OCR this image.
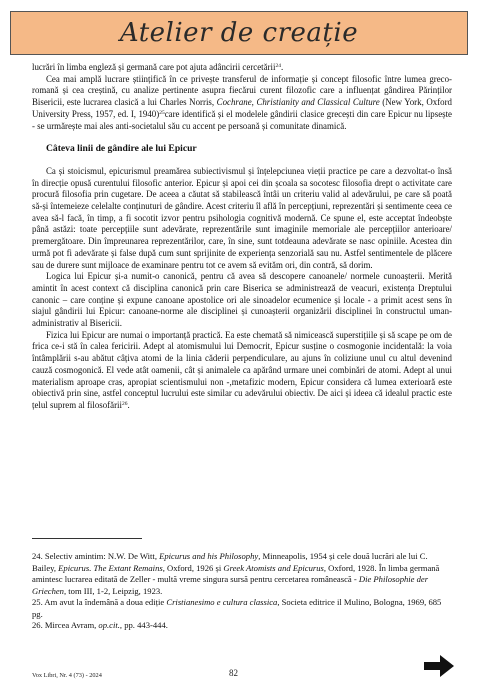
Atelier de creație

lucrări în limba engleză și germană care pot ajuta adâncirii cercetării$^{24}$.

Cea mai amplă lucrare științifică în ce privește transferul de informație și concept filosofic între lumea greco-romană și cea creștină, cu analize pertinente asupra fiecărui curent filozofic care a influențat gândirea Părinților Bisericii, este lucrarea clasică a lui Charles Norris, Cochrane, Christianity and Classical Culture (New York, Oxford University Press, 1957, ed. I, 1940)$^{25}$care identifică și el modelele gândirii clasice grecești din care Epicur nu lipsește - se urmărește mai ales anti-societalul său cu accent pe persoană și comunitate dinamică.

Câteva linii de gândire ale lui Epicur

Ca și stoicismul, epicurismul preamărea subiectivismul și înțelepciunea vieții practice pe care a dezvoltat-o însă în direcție opusă curentului filosofic anterior. Epicur și apoi cei din școala sa socotesc filosofia drept o activitate care procură filosofia prin cugetare. De aceea a căutat să stabilească întâi un criteriu valid al adevărului, pe care să poată să-și întemeieze celelalte conținuturi de gândire. Acest criteriu îl află în percepțiuni, reprezentări și sentimente ceea ce avea să-l facă, în timp, a fi socotit izvor pentru psihologia cognitivă modernă. Ce spune el, este acceptat îndeobște până astăzi: toate percepțiile sunt adevărate, reprezentările sunt imaginile memoriale ale percepțiilor anterioare/ premergătoare. Din împreunarea reprezentărilor, care, în sine, sunt totdeauna adevărate se nasc opiniile. Acestea din urmă pot fi adevărate și false după cum sunt sprijinite de experiența senzorială sau nu. Astfel sentimentele de plăcere sau de durere sunt mijloace de examinare pentru tot ce avem să evităm ori, din contră, să dorim.

Logica lui Epicur și-a numit-o canonică, pentru că avea să descopere canoanele/ normele cunoașterii. Merită amintit în acest context că disciplina canonică prin care Biserica se administrează de veacuri, existența Dreptului canonic – care conține și expune canoane apostolice ori ale sinoadelor ecumenice și locale - a primit acest sens în siajul gândirii lui Epicur: canoane-norme ale disciplinei și cunoașterii organizării disciplinei în constructul uman-administrativ al Bisericii.

Fizica lui Epicur are numai o importanță practică. Ea este chemată să nimicească superstițiile și să scape pe om de frica ce-i stă în calea fericirii. Adept al atomismului lui Democrit, Epicur susține o cosmogonie incidentală: la voia întâmplării s-au abătut câțiva atomi de la linia căderii perpendiculare, au ajuns în coliziune unul cu altul devenind cauză cosmogonică. El vede atât oamenii, cât și animalele ca apărând urmare unei combinări de atomi. Adept al unui materialism aproape cras, apropiat scientismului non -,metafizic modern, Epicur considera că lumea exterioară este obiectivă prin sine, astfel conceptul lucrului este similar cu adevărului obiectiv. De aici și ideea că idealul practic este țelul suprem al filosofării$^{26}$.

24. Selectiv amintim: N.W. De Witt, Epicurus and his Philosophy, Minneapolis, 1954 și cele două lucrări ale lui C. Bailey, Epicurus. The Extant Remains, Oxford, 1926 și Greek Atomists and Epicurus, Oxford, 1928. În limba germană amintesc lucrarea editată de Zeller - multă vreme singura sursă pentru cercetarea românească - Die Philosophie der Griechen, tom III, 1-2, Leipzig, 1923.
25. Am avut la îndemână a doua ediție Cristianesimo e cultura classica, Societa editrice il Mulino, Bologna, 1969, 685 pg.
26. Mircea Avram, op.cit., pp. 443-444.
Vox Libri, Nr. 4 (73) - 2024	82
